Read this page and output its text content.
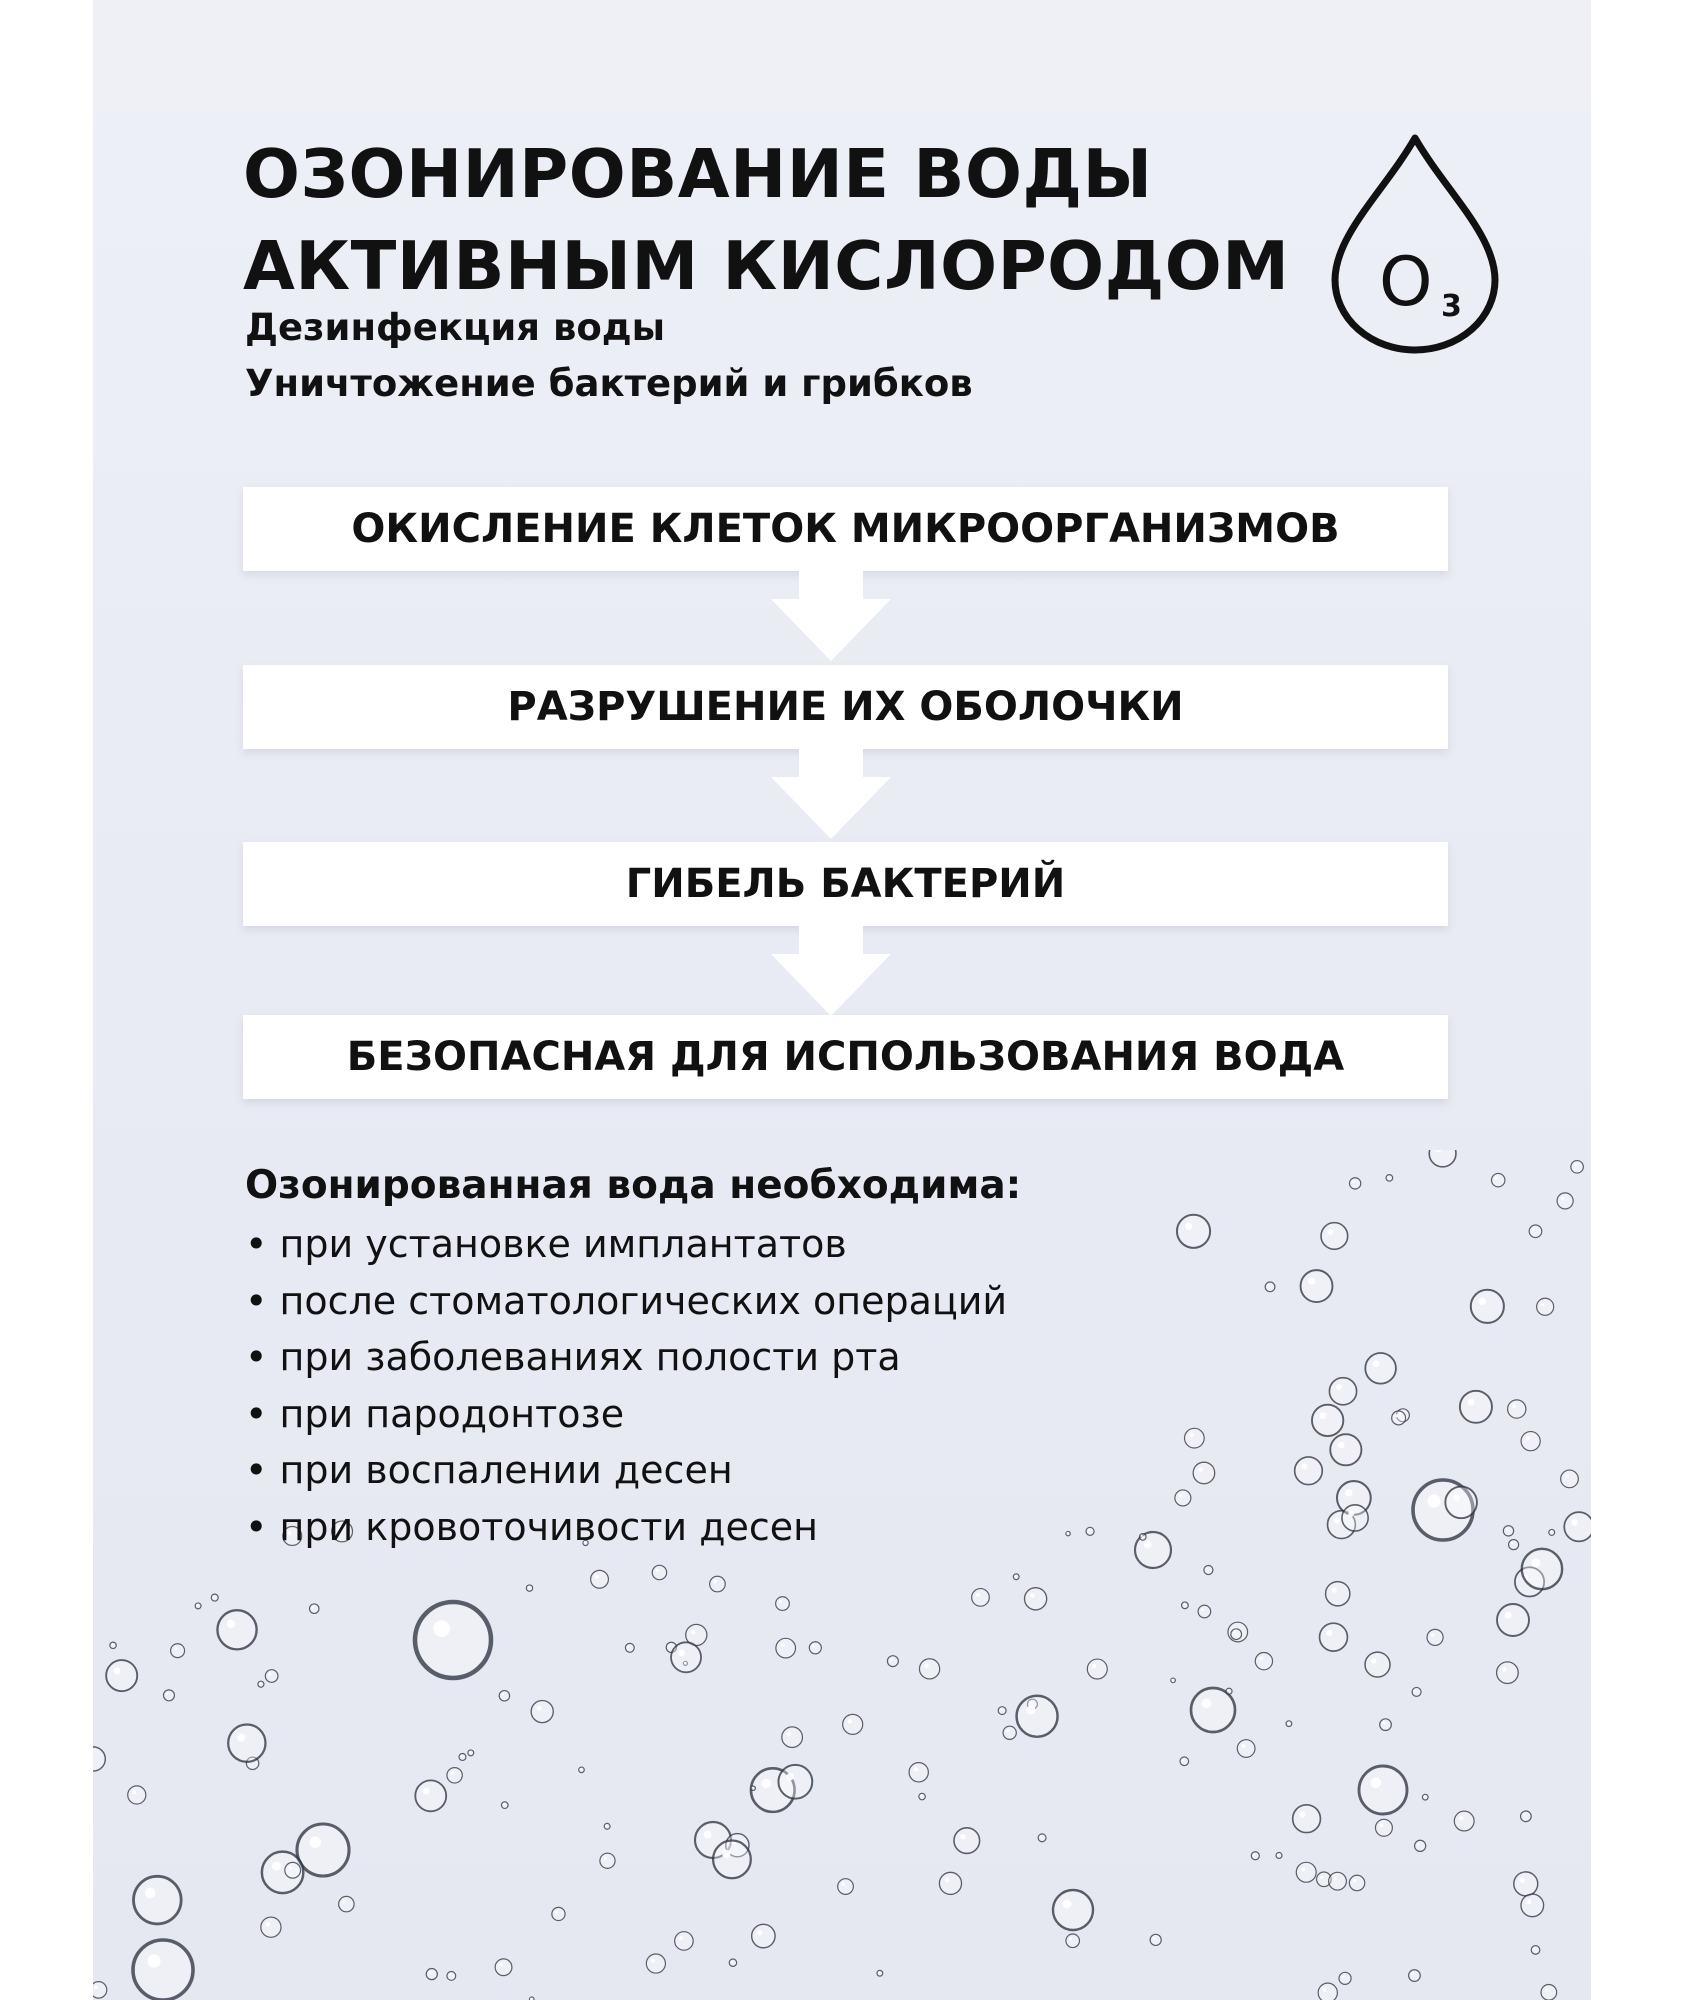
ОЗОНИРОВАНИЕ ВОДЫ
АКТИВНЫМ КИСЛОРОДОМ
Дезинфекция воды
Уничтожение бактерий и грибков
O 3
ОКИСЛЕНИЕ КЛЕТОК МИКРООРГАНИЗМОВ
РАЗРУШЕНИЕ ИХ ОБОЛОЧКИ
ГИБЕЛЬ БАКТЕРИЙ
БЕЗОПАСНАЯ ДЛЯ ИСПОЛЬЗОВАНИЯ ВОДА
Озонированная вода необходима:
• при установке имплантатов
• после стоматологических операций
• при заболеваниях полости рта
• при пародонтозе
• при воспалении десен
• при кровоточивости десен
